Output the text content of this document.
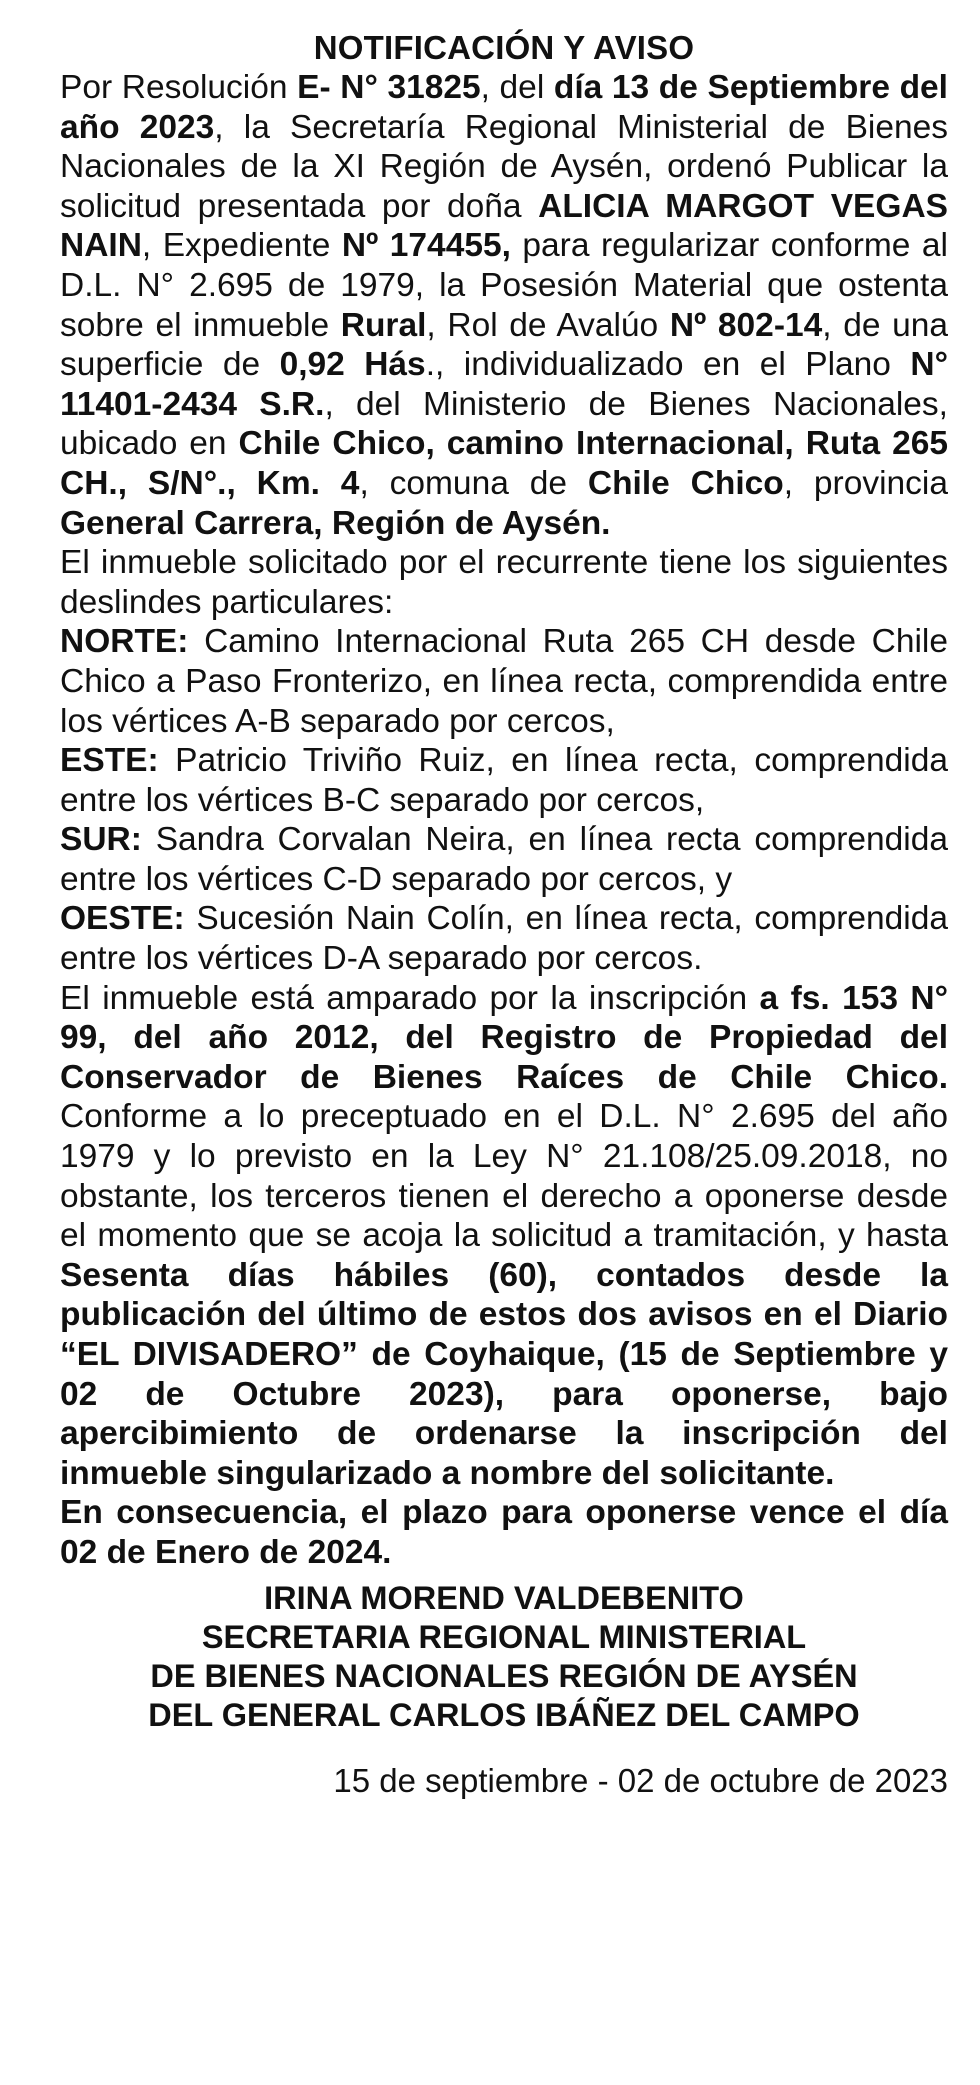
NOTIFICACIÓN Y AVISO

Por Resolución E- N° 31825, del día 13 de Septiembre del año 2023, la Secretaría Regional Ministerial de Bienes Nacionales de la XI Región de Aysén, ordenó Publicar la solicitud presentada por doña ALICIA MARGOT VEGAS NAIN, Expediente Nº 174455, para regularizar conforme al D.L. N° 2.695 de 1979, la Posesión Material que ostenta sobre el inmueble Rural, Rol de Avalúo Nº 802-14, de una superficie de 0,92 Hás., individualizado en el Plano N° 11401-2434 S.R., del Ministerio de Bienes Nacionales, ubicado en Chile Chico, camino Internacional, Ruta 265 CH., S/N°., Km. 4, comuna de Chile Chico, provincia General Carrera, Región de Aysén.

El inmueble solicitado por el recurrente tiene los siguientes deslindes particulares:

NORTE: Camino Internacional Ruta 265 CH desde Chile Chico a Paso Fronterizo, en línea recta, comprendida entre los vértices A-B separado por cercos,

ESTE: Patricio Triviño Ruiz, en línea recta, comprendida entre los vértices B-C separado por cercos,

SUR: Sandra Corvalan Neira, en línea recta comprendida entre los vértices C-D separado por cercos, y

OESTE: Sucesión Nain Colín, en línea recta, comprendida entre los vértices D-A separado por cercos.

El inmueble está amparado por la inscripción a fs. 153 N° 99, del año 2012, del Registro de Propiedad del Conservador de Bienes Raíces de Chile Chico. Conforme a lo preceptuado en el D.L. N° 2.695 del año 1979 y lo previsto en la Ley N° 21.108/25.09.2018, no obstante, los terceros tienen el derecho a oponerse desde el momento que se acoja la solicitud a tramitación, y hasta Sesenta días hábiles (60), contados desde la publicación del último de estos dos avisos en el Diario “EL DIVISADERO” de Coyhaique, (15 de Septiembre y 02 de Octubre 2023), para oponerse, bajo apercibimiento de ordenarse la inscripción del inmueble singularizado a nombre del solicitante.

En consecuencia, el plazo para oponerse vence el día 02 de Enero de 2024.

IRINA MOREND VALDEBENITO
SECRETARIA REGIONAL MINISTERIAL
DE BIENES NACIONALES REGIÓN DE AYSÉN
DEL GENERAL CARLOS IBÁÑEZ DEL CAMPO
15 de septiembre - 02 de octubre de 2023
